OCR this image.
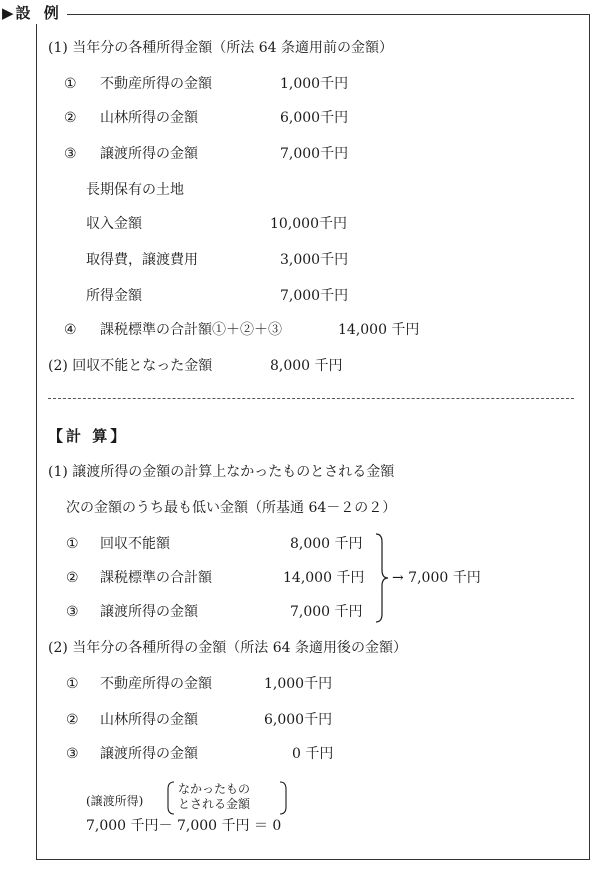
▶ 設 例
(1) 当年分の各種所得金額（所法 64 条適用前の金額）
① 不動産所得の金額	1,000千円
② 山林所得の金額	6,000千円
③ 譲渡所得の金額	7,000千円
長期保有の土地
収入金額	10,000千円
取得費，譲渡費用	3,000千円
所得金額	7,000千円
④ 課税標準の合計額①＋②＋③	14,000 千円
(2) 回収不能となった金額	8,000 千円
【計 算】
(1) 譲渡所得の金額の計算上なかったものとされる金額
次の金額のうち最も低い金額（所基通 64－２の２）
① 回収不能額	8,000 千円
② 課税標準の合計額	14,000 千円
③ 譲渡所得の金額	7,000 千円
→ 7,000 千円
(2) 当年分の各種所得の金額（所法 64 条適用後の金額）
① 不動産所得の金額	1,000千円
② 山林所得の金額	6,000千円
③ 譲渡所得の金額	0 千円
(譲渡所得)
なかったもの
とされる金額
7,000 千円－ 7,000 千円 ＝ 0
